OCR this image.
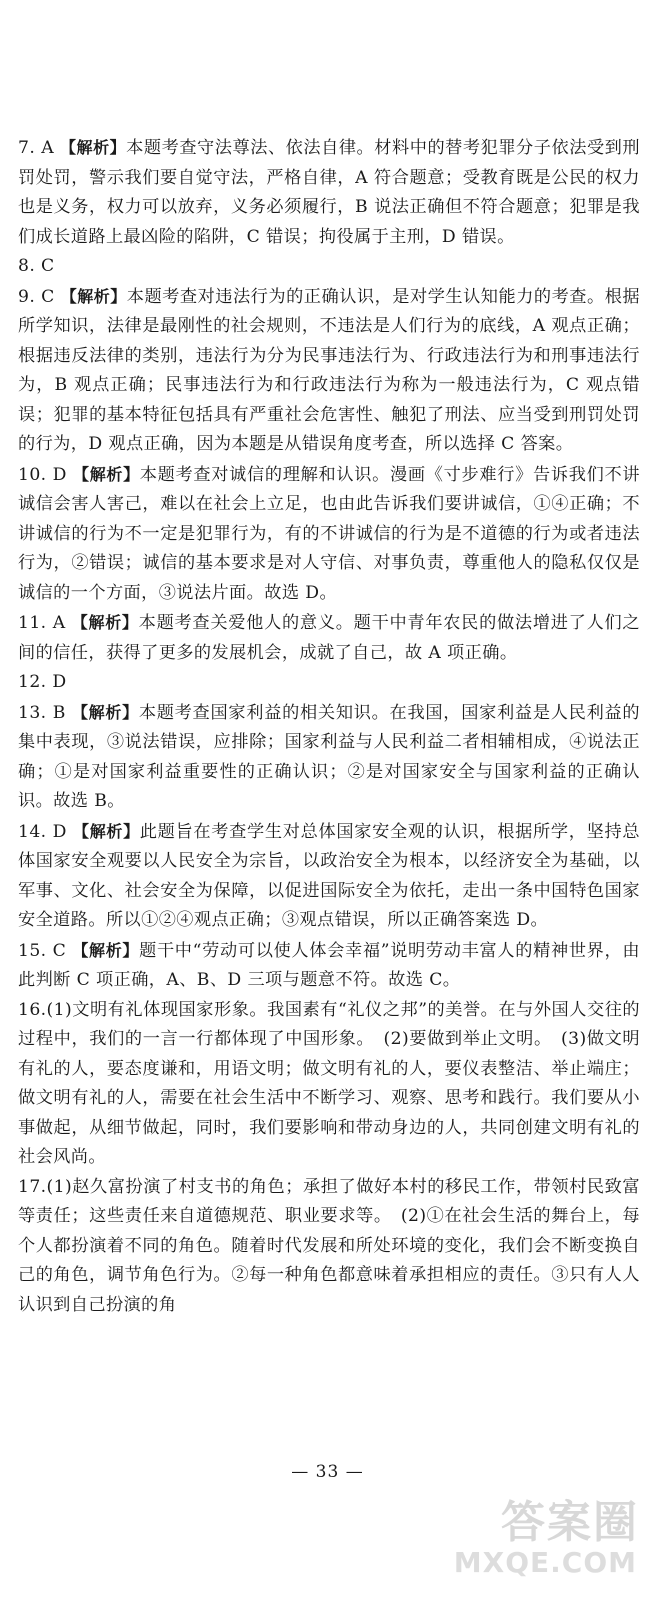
7. A 【解析】本题考查守法尊法、依法自律。材料中的替考犯罪分子依法受到刑罚处罚，警示我们要自觉守法，严格自律，A 符合题意；受教育既是公民的权力也是义务，权力可以放弃，义务必须履行，B 说法正确但不符合题意；犯罪是我们成长道路上最凶险的陷阱，C 错误；拘役属于主刑，D 错误。
8. C
9. C 【解析】本题考查对违法行为的正确认识，是对学生认知能力的考查。根据所学知识，法律是最刚性的社会规则，不违法是人们行为的底线，A 观点正确；根据违反法律的类别，违法行为分为民事违法行为、行政违法行为和刑事违法行为，B 观点正确；民事违法行为和行政违法行为称为一般违法行为，C 观点错误；犯罪的基本特征包括具有严重社会危害性、触犯了刑法、应当受到刑罚处罚的行为，D 观点正确，因为本题是从错误角度考查，所以选择 C 答案。
10. D 【解析】本题考查对诚信的理解和认识。漫画《寸步难行》告诉我们不讲诚信会害人害己，难以在社会上立足，也由此告诉我们要讲诚信，①④正确；不讲诚信的行为不一定是犯罪行为，有的不讲诚信的行为是不道德的行为或者违法行为，②错误；诚信的基本要求是对人守信、对事负责，尊重他人的隐私仅仅是诚信的一个方面，③说法片面。故选 D。
11. A 【解析】本题考查关爱他人的意义。题干中青年农民的做法增进了人们之间的信任，获得了更多的发展机会，成就了自己，故 A 项正确。
12. D
13. B 【解析】本题考查国家利益的相关知识。在我国，国家利益是人民利益的集中表现，③说法错误，应排除；国家利益与人民利益二者相辅相成，④说法正确；①是对国家利益重要性的正确认识；②是对国家安全与国家利益的正确认识。故选 B。
14. D 【解析】此题旨在考查学生对总体国家安全观的认识，根据所学，坚持总体国家安全观要以人民安全为宗旨，以政治安全为根本，以经济安全为基础，以军事、文化、社会安全为保障，以促进国际安全为依托，走出一条中国特色国家安全道路。所以①②④观点正确；③观点错误，所以正确答案选 D。
15. C 【解析】题干中“劳动可以使人体会幸福”说明劳动丰富人的精神世界，由此判断 C 项正确，A、B、D 三项与题意不符。故选 C。
16.(1)文明有礼体现国家形象。我国素有“礼仪之邦”的美誉。在与外国人交往的过程中，我们的一言一行都体现了中国形象。　(2)要做到举止文明。　(3)做文明有礼的人，要态度谦和，用语文明；做文明有礼的人，要仪表整洁、举止端庄；做文明有礼的人，需要在社会生活中不断学习、观察、思考和践行。我们要从小事做起，从细节做起，同时，我们要影响和带动身边的人，共同创建文明有礼的社会风尚。
17.(1)赵久富扮演了村支书的角色；承担了做好本村的移民工作，带领村民致富等责任；这些责任来自道德规范、职业要求等。　(2)①在社会生活的舞台上，每个人都扮演着不同的角色。随着时代发展和所处环境的变化，我们会不断变换自己的角色，调节角色行为。②每一种角色都意味着承担相应的责任。③只有人人认识到自己扮演的角
— 33 —
答案圈
MXQE.COM
